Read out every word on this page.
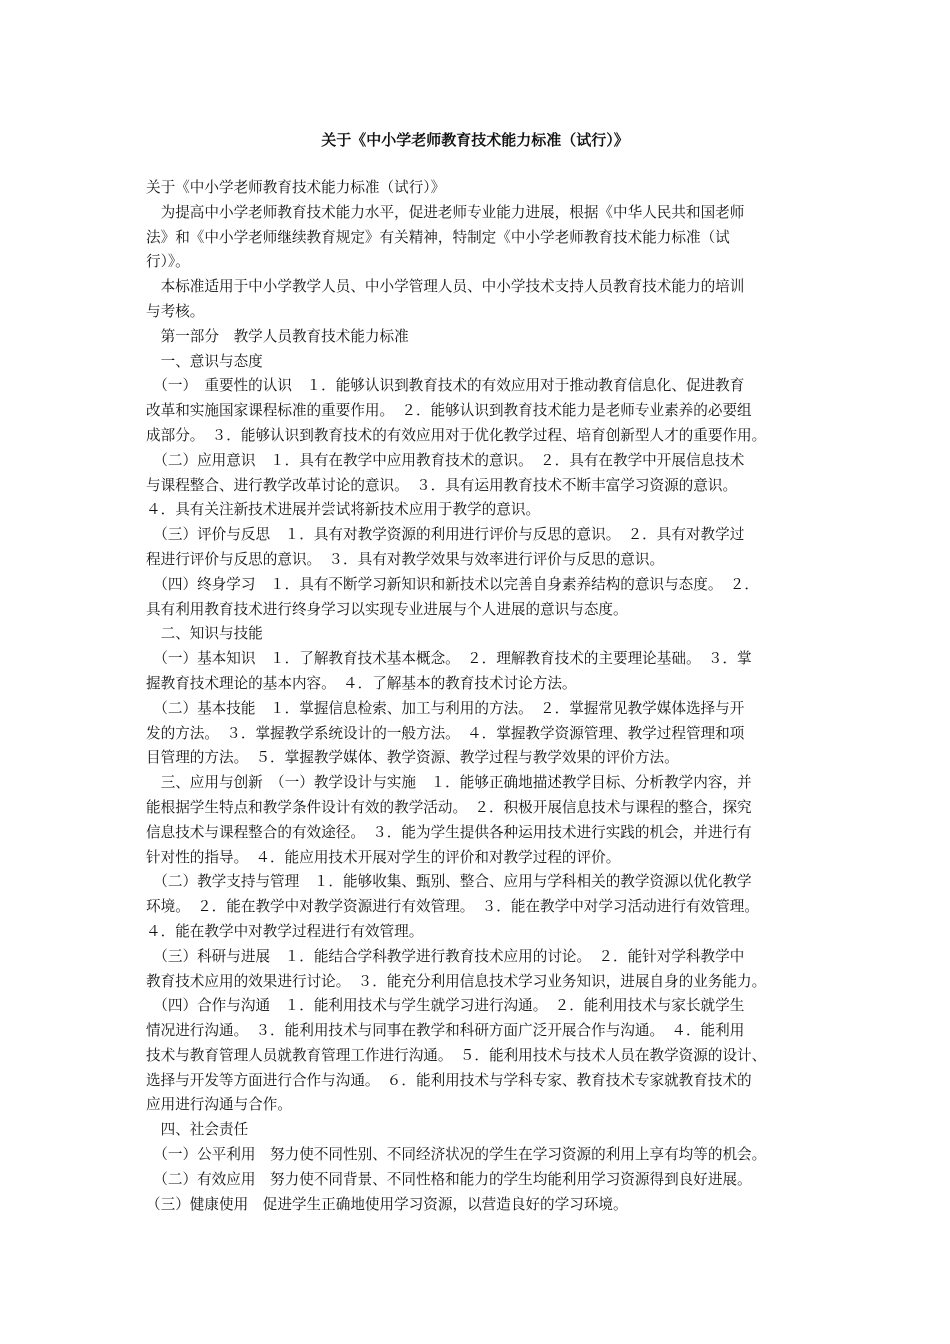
关于《中小学老师教育技术能力标准（试行）》

关于《中小学老师教育技术能力标准（试行）》

　为提高中小学老师教育技术能力水平，促进老师专业能力进展，根据《中华人民共和国老师

法》和《中小学老师继续教育规定》有关精神，特制定《中小学老师教育技术能力标准（试

行）》。

　本标准适用于中小学教学人员、中小学管理人员、中小学技术支持人员教育技术能力的培训

与考核。

　第一部分　教学人员教育技术能力标准

　一、意识与态度

　（一）　重要性的认识　１．能够认识到教育技术的有效应用对于推动教育信息化、促进教育

改革和实施国家课程标准的重要作用。　２．能够认识到教育技术能力是老师专业素养的必要组

成部分。　３．能够认识到教育技术的有效应用对于优化教学过程、培育创新型人才的重要作用。

　（二）应用意识　１．具有在教学中应用教育技术的意识。　２．具有在教学中开展信息技术

与课程整合、进行教学改革讨论的意识。　３．具有运用教育技术不断丰富学习资源的意识。

４．具有关注新技术进展并尝试将新技术应用于教学的意识。

　（三）评价与反思　１．具有对教学资源的利用进行评价与反思的意识。　２．具有对教学过

程进行评价与反思的意识。　３．具有对教学效果与效率进行评价与反思的意识。

　（四）终身学习　１．具有不断学习新知识和新技术以完善自身素养结构的意识与态度。　２．

具有利用教育技术进行终身学习以实现专业进展与个人进展的意识与态度。

　二、知识与技能

　（一）基本知识　１．了解教育技术基本概念。　２．理解教育技术的主要理论基础。　３．掌

握教育技术理论的基本内容。　４．了解基本的教育技术讨论方法。

　（二）基本技能　１．掌握信息检索、加工与利用的方法。　２．掌握常见教学媒体选择与开

发的方法。　３．掌握教学系统设计的一般方法。　４．掌握教学资源管理、教学过程管理和项

目管理的方法。　５．掌握教学媒体、教学资源、教学过程与教学效果的评价方法。

　三、应用与创新　（一）教学设计与实施　１．能够正确地描述教学目标、分析教学内容，并

能根据学生特点和教学条件设计有效的教学活动。　２．积极开展信息技术与课程的整合，探究

信息技术与课程整合的有效途径。　３．能为学生提供各种运用技术进行实践的机会，并进行有

针对性的指导。　４．能应用技术开展对学生的评价和对教学过程的评价。

　（二）教学支持与管理　１．能够收集、甄别、整合、应用与学科相关的教学资源以优化教学

环境。　２．能在教学中对教学资源进行有效管理。　３．能在教学中对学习活动进行有效管理。

４．能在教学中对教学过程进行有效管理。

　（三）科研与进展　１．能结合学科教学进行教育技术应用的讨论。　２．能针对学科教学中

教育技术应用的效果进行讨论。　３．能充分利用信息技术学习业务知识，进展自身的业务能力。

　（四）合作与沟通　１．能利用技术与学生就学习进行沟通。　２．能利用技术与家长就学生

情况进行沟通。　３．能利用技术与同事在教学和科研方面广泛开展合作与沟通。　４．能利用

技术与教育管理人员就教育管理工作进行沟通。　５．能利用技术与技术人员在教学资源的设计、

选择与开发等方面进行合作与沟通。　６．能利用技术与学科专家、教育技术专家就教育技术的

应用进行沟通与合作。

　四、社会责任

　（一）公平利用　努力使不同性别、不同经济状况的学生在学习资源的利用上享有均等的机会。

　（二）有效应用　努力使不同背景、不同性格和能力的学生均能利用学习资源得到良好进展。

（三）健康使用　促进学生正确地使用学习资源，以营造良好的学习环境。
